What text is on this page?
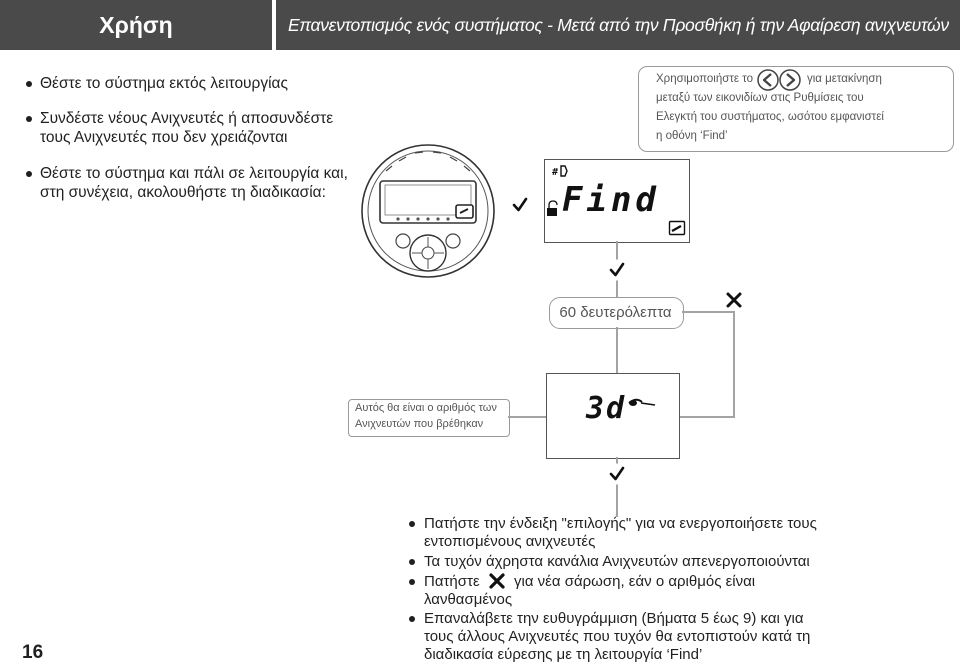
Χρήση	Επανεντοπισμός ενός συστήματος - Μετά από την Προσθήκη ή την Αφαίρεση ανιχνευτών
Θέστε το σύστημα εκτός λειτουργίας
Συνδέστε νέους Ανιχνευτές ή αποσυνδέστε
τους Ανιχνευτές που δεν χρειάζονται
Θέστε το σύστημα και πάλι σε λειτουργία και,
στη συνέχεια, ακολουθήστε τη διαδικασία:
Χρησιμοποιήστε το	για μετακίνηση
μεταξύ των εικονιδίων στις Ρυθμίσεις του
Ελεγκτή του συστήματος, ωσότου εμφανιστεί
η οθόνη ‘Find’
#
Find
60 δευτερόλεπτα
Αυτός θα είναι ο αριθμός των
Ανιχνευτών που βρέθηκαν	3d
Πατήστε την ένδειξη "επιλογής" για να ενεργοποιήσετε τους
εντοπισμένους ανιχνευτές
Τα τυχόν άχρηστα κανάλια Ανιχνευτών απενεργοποιούνται
Πατήστε για νέα σάρωση, εάν ο αριθμός είναι
λανθασμένος
Επαναλάβετε την ευθυγράμμιση (Βήματα 5 έως 9) και για
τους άλλους Ανιχνευτές που τυχόν θα εντοπιστούν κατά τη
διαδικασία εύρεσης με τη λειτουργία ‘Find’
16
